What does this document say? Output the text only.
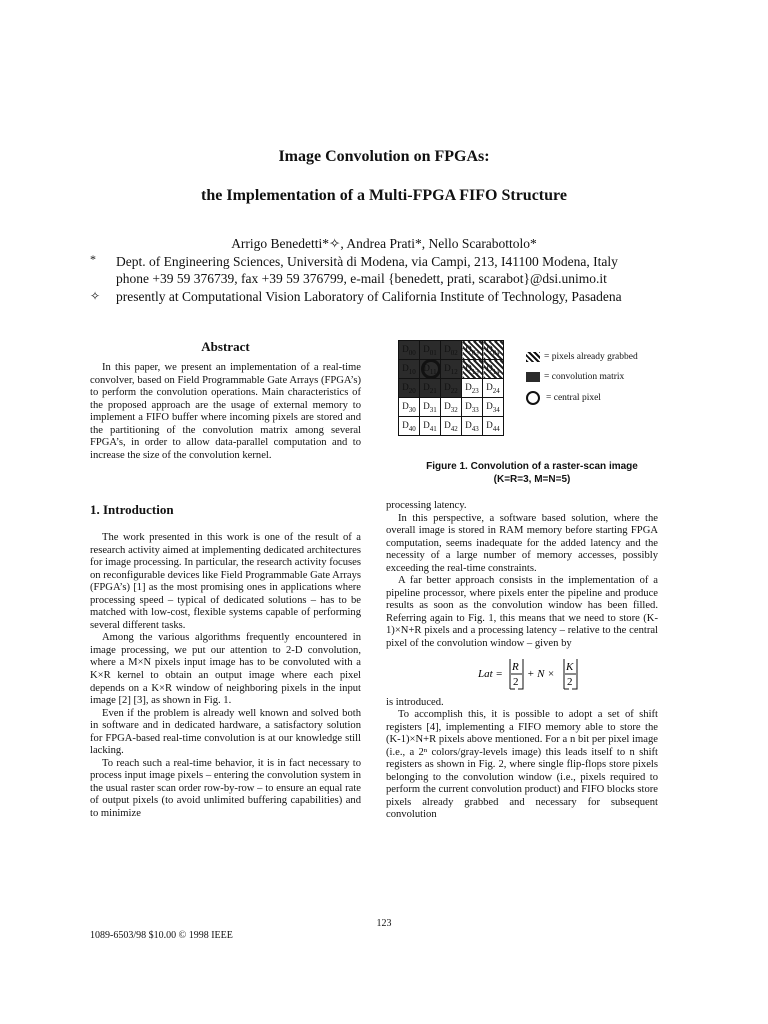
Image Convolution on FPGAs:
the Implementation of a Multi-FPGA FIFO Structure
Arrigo Benedetti*✧, Andrea Prati*, Nello Scarabottolo*
* Dept. of Engineering Sciences, Università di Modena, via Campi, 213, I41100 Modena, Italy
phone +39 59 376739, fax +39 59 376799, e-mail {benedett, prati, scarabot}@dsi.unimo.it
✧ presently at Computational Vision Laboratory of California Institute of Technology, Pasadena
Abstract

In this paper, we present an implementation of a real-time convolver, based on Field Programmable Gate Arrays (FPGA’s) to perform the convolution operations. Main characteristics of the proposed approach are the usage of external memory to implement a FIFO buffer where incoming pixels are stored and the partitioning of the convolution matrix among several FPGA’s, in order to allow data-parallel computation and to increase the size of the convolution kernel.

1. Introduction

The work presented in this work is one of the result of a research activity aimed at implementing dedicated architectures for image processing. In particular, the research activity focuses on reconfigurable devices like Field Programmable Gate Arrays (FPGA’s) [1] as the most promising ones in applications where processing speed – typical of dedicated solutions – has to be matched with low-cost, flexible systems capable of performing several different tasks.

Among the various algorithms frequently encountered in image processing, we put our attention to 2-D convolution, where a M×N pixels input image has to be convoluted with a K×R kernel to obtain an output image where each pixel depends on a K×R window of neighboring pixels in the input image [2] [3], as shown in Fig. 1.

Even if the problem is already well known and solved both in software and in dedicated hardware, a satisfactory solution for FPGA-based real-time convolution is at our knowledge still lacking.

To reach such a real-time behavior, it is in fact necessary to process input image pixels – entering the convolution system in the usual raster scan order row-by-row – to ensure an equal rate of output pixels (to avoid unlimited buffering capabilities) and to minimize

$D_{00}$	$D_{01}$	$D_{02}$	$D_{03}$	$D_{04}$
$D_{10}$	$D_{11}$	$D_{12}$	$D_{13}$	$D_{14}$
$D_{20}$	$D_{21}$	$D_{22}$	$D_{23}$	$D_{24}$
$D_{30}$	$D_{31}$	$D_{32}$	$D_{33}$	$D_{34}$
$D_{40}$	$D_{41}$	$D_{42}$	$D_{43}$	$D_{44}$
= pixels already grabbed
= convolution matrix
= central pixel
Figure 1. Convolution of a raster-scan image
(K=R=3, M=N=5)

processing latency.

In this perspective, a software based solution, where the overall image is stored in RAM memory before starting FPGA computation, seems inadequate for the added latency and the necessity of a large number of memory accesses, possibly exceeding the real-time constraints.

A far better approach consists in the implementation of a pipeline processor, where pixels enter the pipeline and produce results as soon as the convolution window has been filled. Referring again to Fig. 1, this means that we need to store (K-1)×N+R pixels and a processing latency – relative to the central pixel of the convolution window – given by

Lat =
R
2
+ N ×
K
2

is introduced.

To accomplish this, it is possible to adopt a set of shift registers [4], implementing a FIFO memory able to store the (K-1)×N+R pixels above mentioned. For a n bit per pixel image (i.e., a 2ⁿ colors/gray-levels image) this leads itself to n shift registers as shown in Fig. 2, where single flip-flops store pixels belonging to the convolution window (i.e., pixels required to perform the current convolution product) and FIFO blocks store pixels already grabbed and necessary for subsequent convolution

123
1089-6503/98 $10.00 © 1998 IEEE
